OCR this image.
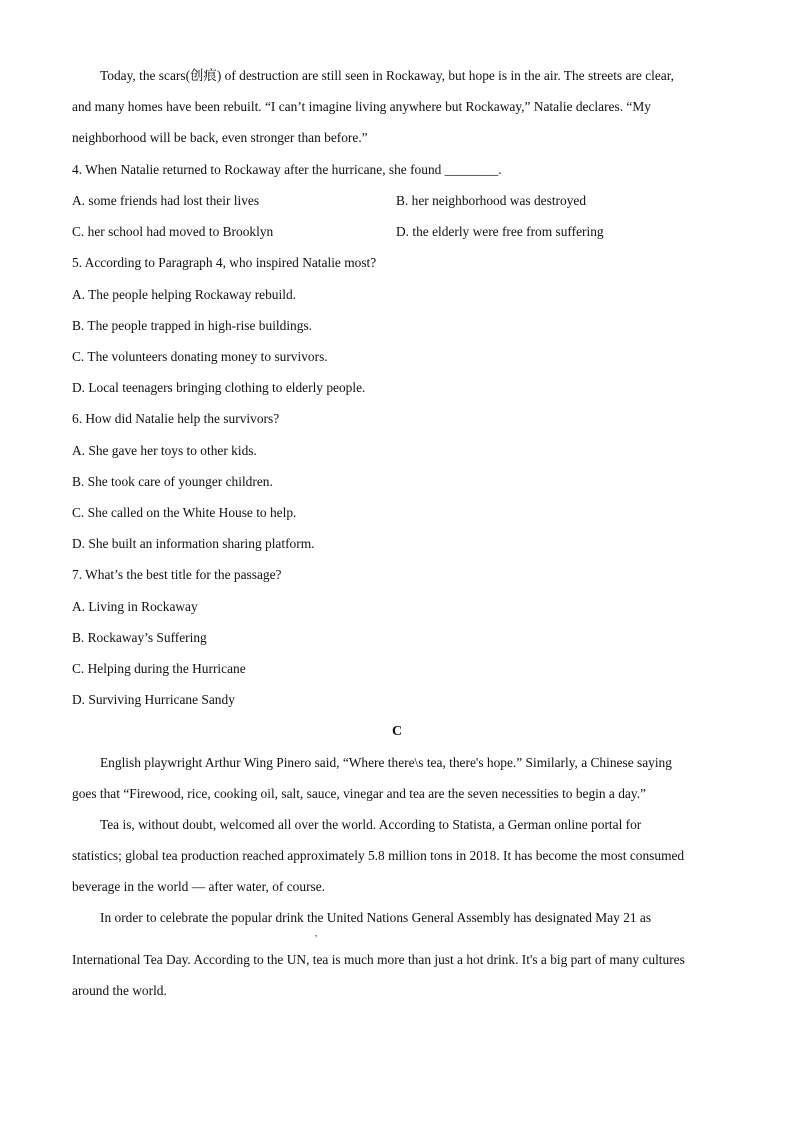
Today, the scars(创痕) of destruction are still seen in Rockaway, but hope is in the air. The streets are clear,
and many homes have been rebuilt. “I can’t imagine living anywhere but Rockaway,” Natalie declares. “My
neighborhood will be back, even stronger than before.”
4. When Natalie returned to Rockaway after the hurricane, she found ________.
A. some friends had lost their lives	B. her neighborhood was destroyed
C. her school had moved to Brooklyn	D. the elderly were free from suffering
5. According to Paragraph 4, who inspired Natalie most?
A. The people helping Rockaway rebuild.
B. The people trapped in high-rise buildings.
C. The volunteers donating money to survivors.
D. Local teenagers bringing clothing to elderly people.
6. How did Natalie help the survivors?
A. She gave her toys to other kids.
B. She took care of younger children.
C. She called on the White House to help.
D. She built an information sharing platform.
7. What’s the best title for the passage?
A. Living in Rockaway
B. Rockaway’s Suffering
C. Helping during the Hurricane
D. Surviving Hurricane Sandy
C
English playwright Arthur Wing Pinero said, “Where there\s tea, there's hope.” Similarly, a Chinese saying
goes that “Firewood, rice, cooking oil, salt, sauce, vinegar and tea are the seven necessities to begin a day.”
Tea is, without doubt, welcomed all over the world. According to Statista, a German online portal for
statistics; global tea production reached approximately 5.8 million tons in 2018. It has become the most consumed
beverage in the world — after water, of course.
In order to celebrate the popular drink the United Nations General Assembly has designated May 21 as
,
International Tea Day. According to the UN, tea is much more than just a hot drink. It's a big part of many cultures
around the world.
